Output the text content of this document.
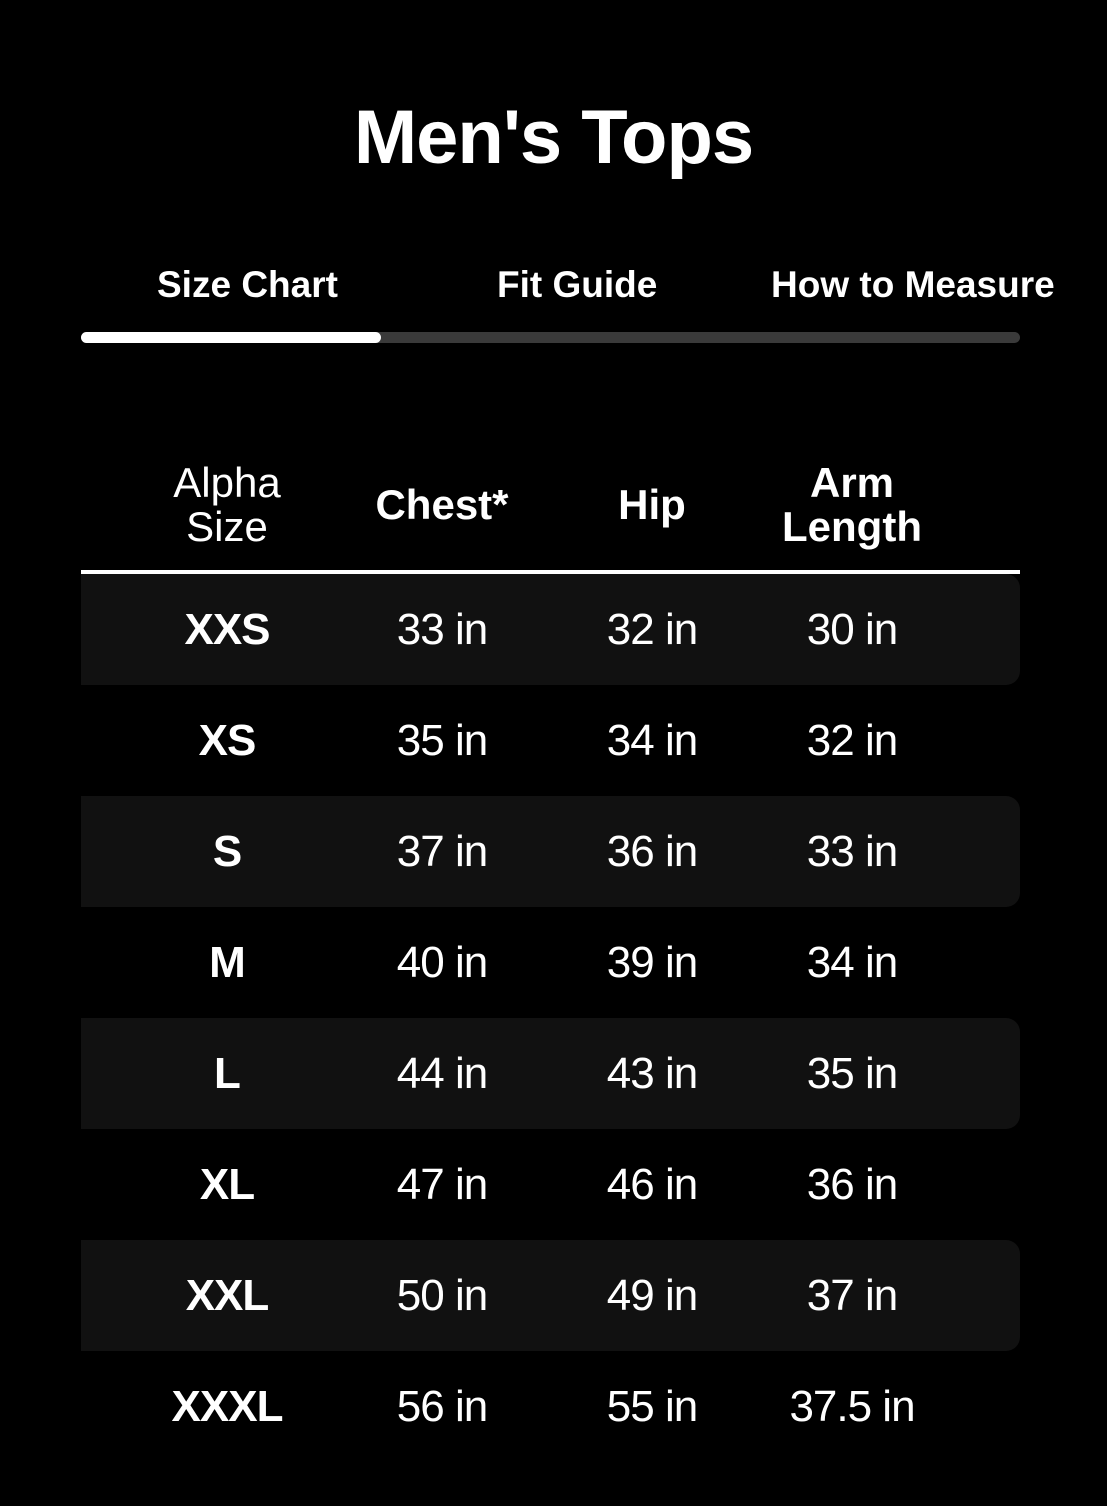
Men's Tops
Size Chart	Fit Guide	How to Measure
Alpha Size	Chest*	Hip	Arm Length
XXS	33 in	32 in 30 in
XS	35 in	34 in 32 in
S	37 in	36 in 33 in
M	40 in	39 in 34 in
L	44 in	43 in 35 in
XL	47 in	46 in 36 in
XXL	50 in	49 in 37 in
XXXL	56 in	55 in 37.5 in
